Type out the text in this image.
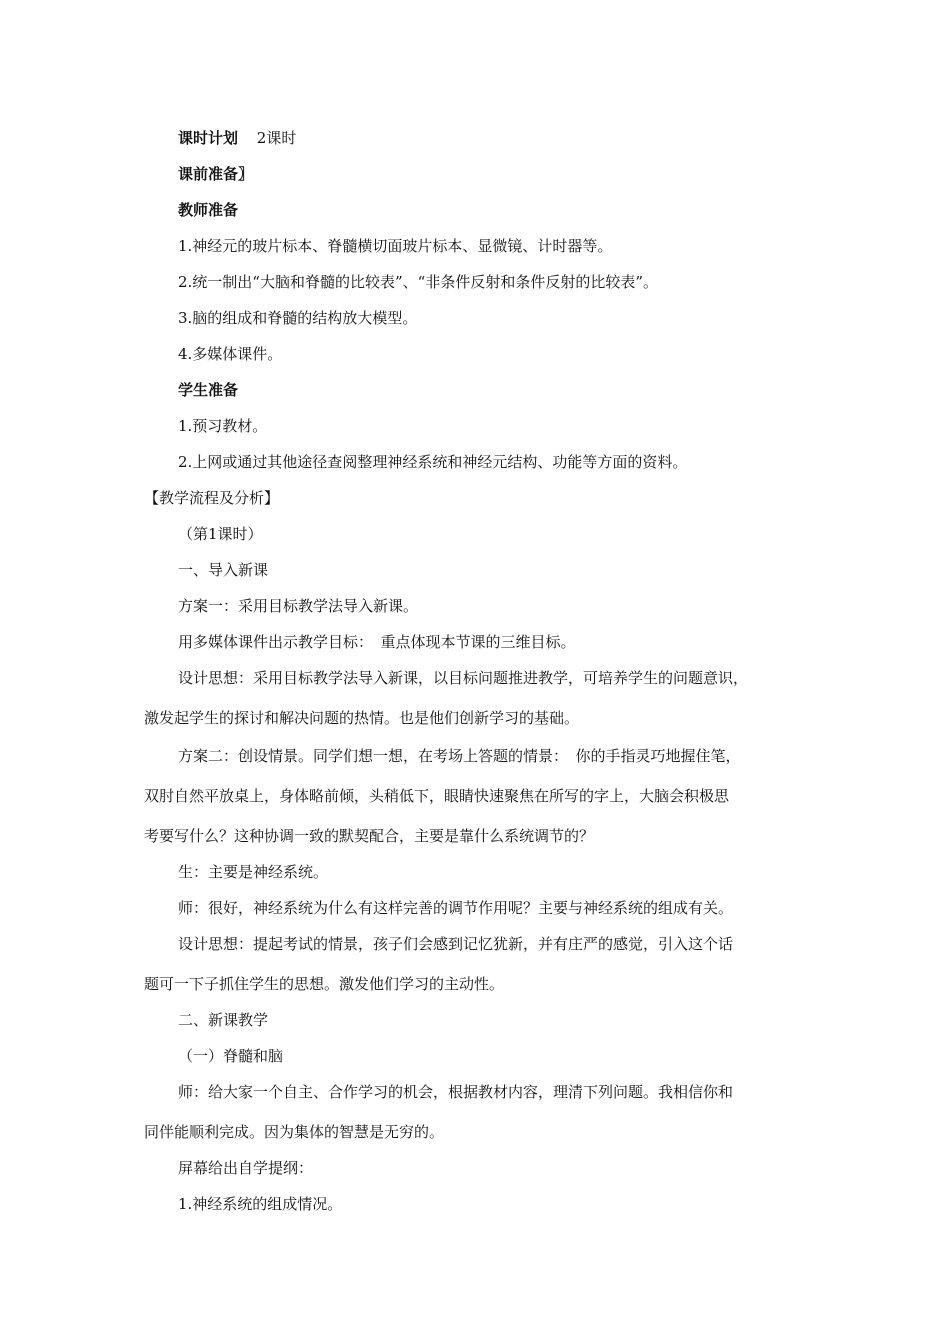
课时计划 2课时
课前准备〗
教师准备
1.神经元的玻片标本、脊髓横切面玻片标本、显微镜、计时器等。
2.统一制出“大脑和脊髓的比较表”、“非条件反射和条件反射的比较表”。
3.脑的组成和脊髓的结构放大模型。
4.多媒体课件。
学生准备
1.预习教材。
2.上网或通过其他途径查阅整理神经系统和神经元结构、功能等方面的资料。
【教学流程及分析】
（第1课时）
一、导入新课
方案一：采用目标教学法导入新课。
用多媒体课件出示教学目标：　重点体现本节课的三维目标。
设计思想：采用目标教学法导入新课，以目标问题推进教学，可培养学生的问题意识，
激发起学生的探讨和解决问题的热情。也是他们创新学习的基础。
方案二：创设情景。同学们想一想，在考场上答题的情景：　你的手指灵巧地握住笔，
双肘自然平放桌上，身体略前倾，头稍低下，眼睛快速聚焦在所写的字上，大脑会积极思
考要写什么？这种协调一致的默契配合，主要是靠什么系统调节的？
生：主要是神经系统。
师：很好，神经系统为什么有这样完善的调节作用呢？主要与神经系统的组成有关。
设计思想：提起考试的情景，孩子们会感到记忆犹新，并有庄严的感觉，引入这个话
题可一下子抓住学生的思想。激发他们学习的主动性。
二、新课教学
（一）脊髓和脑
师：给大家一个自主、合作学习的机会，根据教材内容，理清下列问题。我相信你和
同伴能顺利完成。因为集体的智慧是无穷的。
屏幕给出自学提纲：
1.神经系统的组成情况。
